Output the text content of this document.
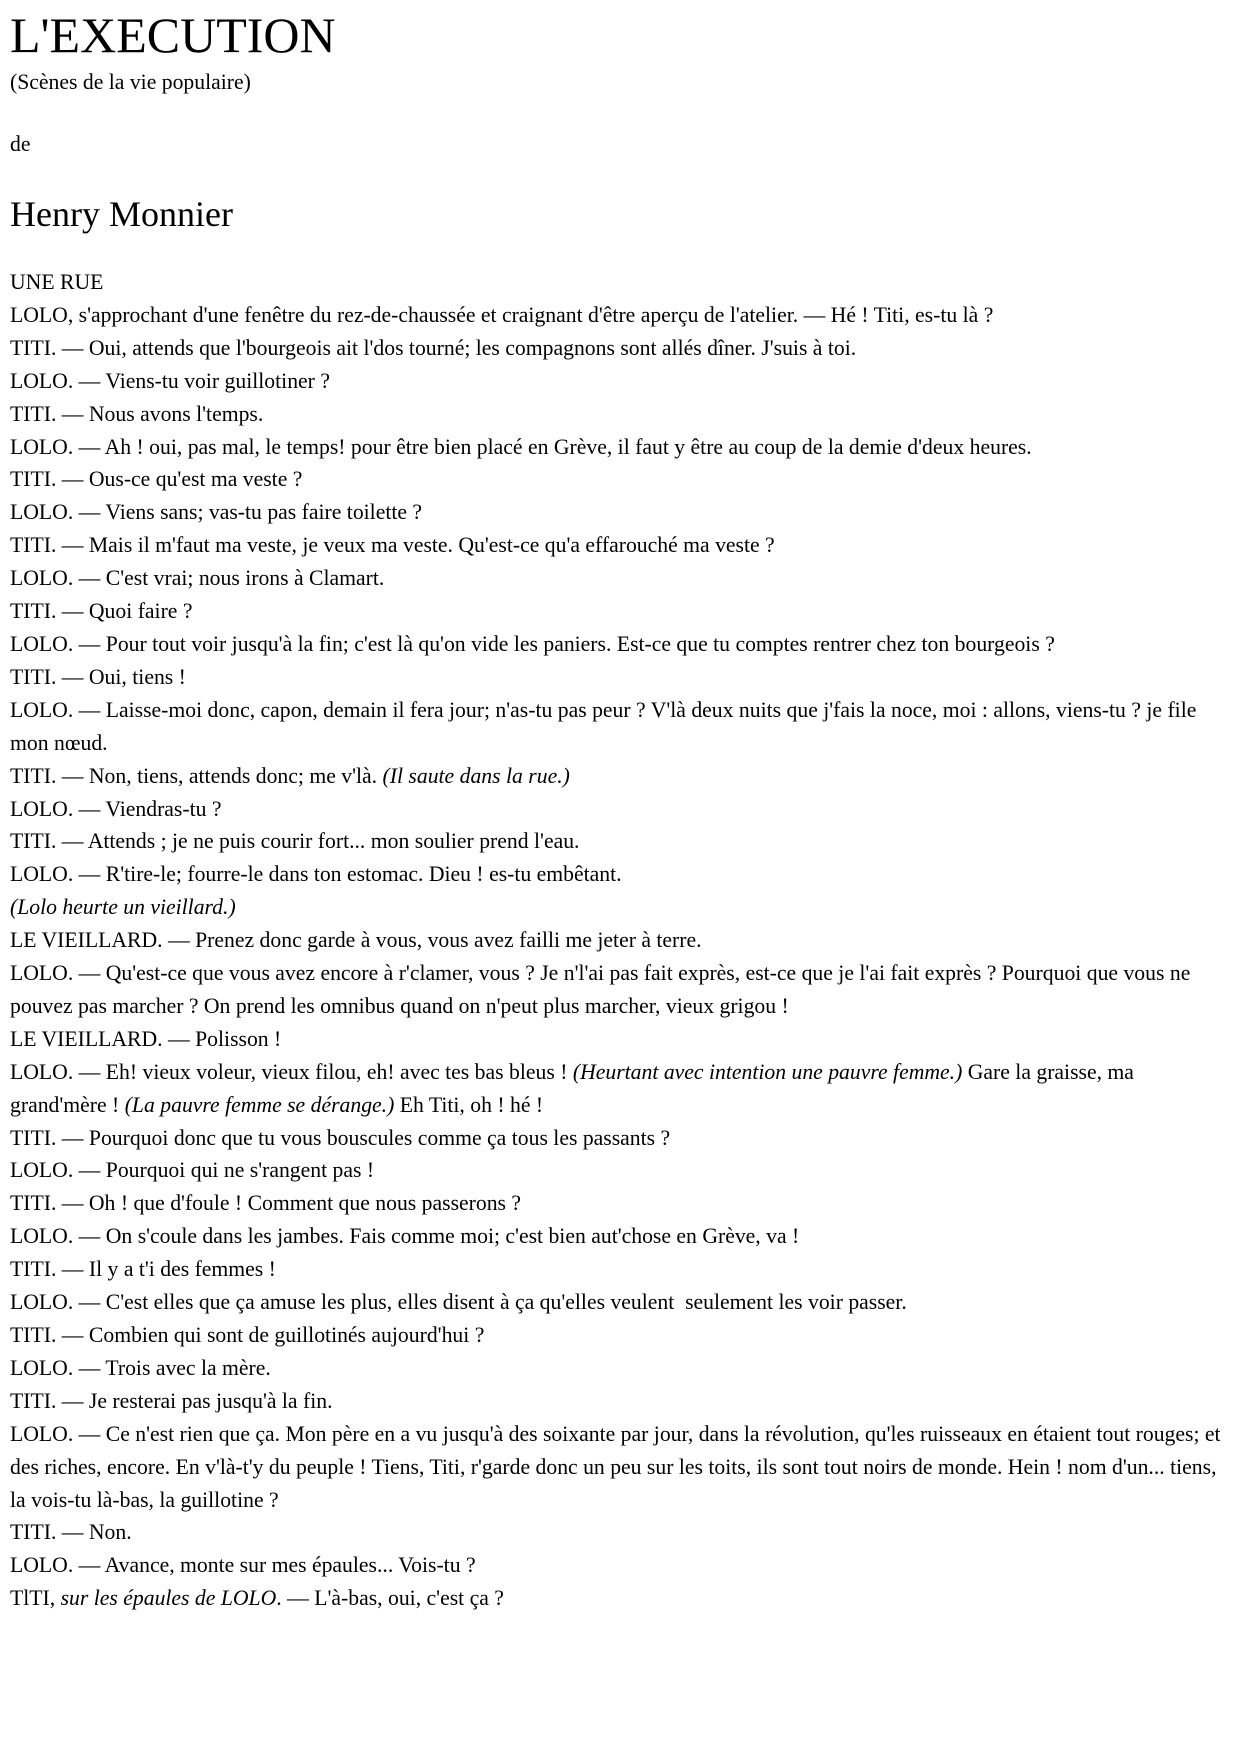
L'EXECUTION

(Scènes de la vie populaire)

de

Henry Monnier

UNE RUE

LOLO, s'approchant d'une fenêtre du rez-de-chaussée et craignant d'être aperçu de l'atelier. — Hé ! Titi, es-tu là ?

TITI. — Oui, attends que l'bourgeois ait l'dos tourné; les compagnons sont allés dîner. J'suis à toi.

LOLO. — Viens-tu voir guillotiner ?

TITI. — Nous avons l'temps.

LOLO. — Ah ! oui, pas mal, le temps! pour être bien placé en Grève, il faut y être au coup de la demie d'deux heures.

TITI. — Ous-ce qu'est ma veste ?

LOLO. — Viens sans; vas-tu pas faire toilette ?

TITI. — Mais il m'faut ma veste, je veux ma veste. Qu'est-ce qu'a effarouché ma veste ?

LOLO. — C'est vrai; nous irons à Clamart.

TITI. — Quoi faire ?

LOLO. — Pour tout voir jusqu'à la fin; c'est là qu'on vide les paniers. Est-ce que tu comptes rentrer chez ton bourgeois ?

TITI. — Oui, tiens !

LOLO. — Laisse-moi donc, capon, demain il fera jour; n'as-tu pas peur ? V'là deux nuits que j'fais la noce, moi : allons, viens-tu ? je file mon nœud.

TITI. — Non, tiens, attends donc; me v'là. (Il saute dans la rue.)

LOLO. — Viendras-tu ?

TITI. — Attends ; je ne puis courir fort... mon soulier prend l'eau.

LOLO. — R'tire-le; fourre-le dans ton estomac. Dieu ! es-tu embêtant.

(Lolo heurte un vieillard.)

LE VIEILLARD. — Prenez donc garde à vous, vous avez failli me jeter à terre.

LOLO. — Qu'est-ce que vous avez encore à r'clamer, vous ? Je n'l'ai pas fait exprès, est-ce que je l'ai fait exprès ? Pourquoi que vous ne pouvez pas marcher ? On prend les omnibus quand on n'peut plus marcher, vieux grigou !

LE VIEILLARD. — Polisson !

LOLO. — Eh! vieux voleur, vieux filou, eh! avec tes bas bleus ! (Heurtant avec intention une pauvre femme.) Gare la graisse, ma grand'mère ! (La pauvre femme se dérange.) Eh Titi, oh ! hé !

TITI. — Pourquoi donc que tu vous bouscules comme ça tous les passants ?

LOLO. — Pourquoi qui ne s'rangent pas !

TITI. — Oh ! que d'foule ! Comment que nous passerons ?

LOLO. — On s'coule dans les jambes. Fais comme moi; c'est bien aut'chose en Grève, va !

TITI. — Il y a t'i des femmes !

LOLO. — C'est elles que ça amuse les plus, elles disent à ça qu'elles veulent  seulement les voir passer.

TITI. — Combien qui sont de guillotinés aujourd'hui ?

LOLO. — Trois avec la mère.

TITI. — Je resterai pas jusqu'à la fin.

LOLO. — Ce n'est rien que ça. Mon père en a vu jusqu'à des soixante par jour, dans la révolution, qu'les ruisseaux en étaient tout rouges; et des riches, encore. En v'là-t'y du peuple ! Tiens, Titi, r'garde donc un peu sur les toits, ils sont tout noirs de monde. Hein ! nom d'un... tiens, la vois-tu là-bas, la guillotine ?

TITI. — Non.

LOLO. — Avance, monte sur mes épaules... Vois-tu ?

TlTI, sur les épaules de LOLO. — L'à-bas, oui, c'est ça ?
